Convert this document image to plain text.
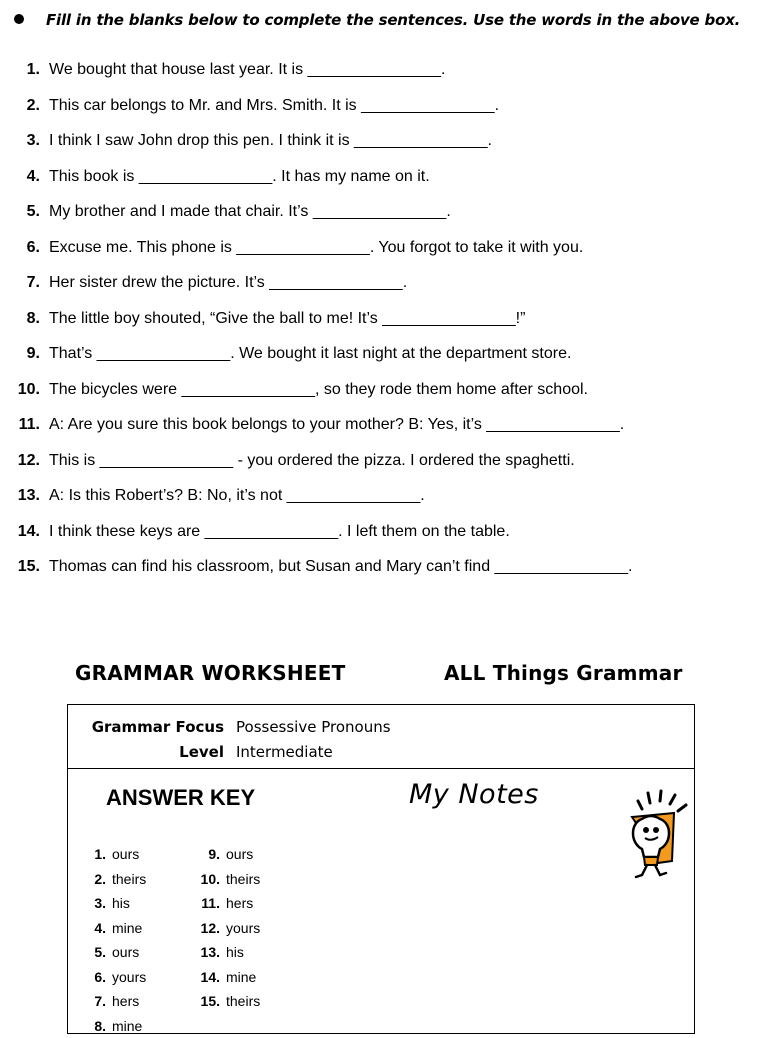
Fill in the blanks below to complete the sentences. Use the words in the above box.
1. We bought that house last year. It is _______________.
2. This car belongs to Mr. and Mrs. Smith. It is _______________.
3. I think I saw John drop this pen. I think it is _______________.
4. This book is _______________. It has my name on it.
5. My brother and I made that chair. It’s _______________.
6. Excuse me. This phone is _______________. You forgot to take it with you.
7. Her sister drew the picture. It’s _______________.
8. The little boy shouted, “Give the ball to me! It’s _______________!”
9. That’s _______________. We bought it last night at the department store.
10. The bicycles were _______________, so they rode them home after school.
11. A: Are you sure this book belongs to your mother? B: Yes, it’s _______________.
12. This is _______________ - you ordered the pizza. I ordered the spaghetti.
13. A: Is this Robert’s? B: No, it’s not _______________.
14. I think these keys are _______________. I left them on the table.
15. Thomas can find his classroom, but Susan and Mary can’t find _______________.
GRAMMAR WORKSHEET	ALL Things Grammar
Grammar Focus Possessive Pronouns
Level Intermediate
ANSWER KEY	My Notes
1. ours
2. theirs
3. his
4. mine
5. ours
6. yours
7. hers
8. mine
9. ours
10. theirs
11. hers
12. yours
13. his
14. mine
15. theirs
